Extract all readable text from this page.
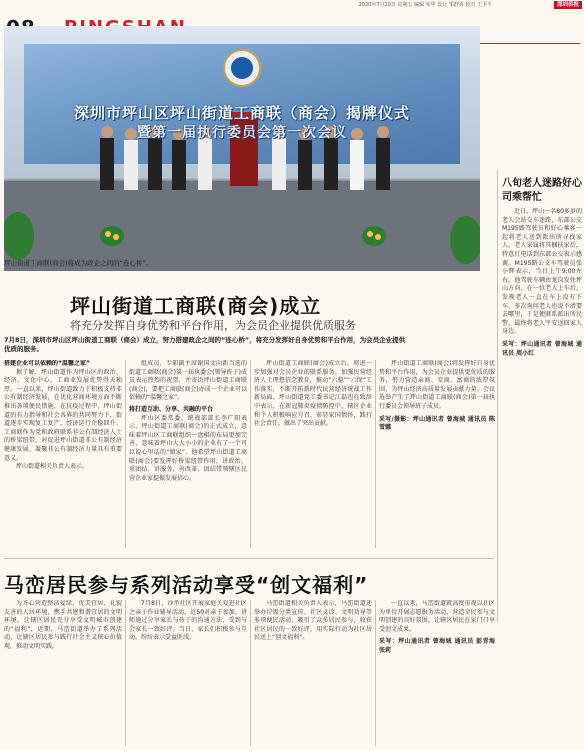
2020年7月10日 星期五 编辑 朱华 设计 邹舒香 校对 王卫平	深圳侨报
深圳市坪山区坪山街道工商联（商会）揭牌仪式
暨第一届执行委员会第一次会议
坪山街道工商联(商会)将成为政企之间的“连心桥”。
坪山街道工商联(商会)成立
将充分发挥自身优势和平台作用，为会员企业提供优质服务
7月8日，深圳市坪山区坪山街道工商联（商会）成立，努力搭建政企之间的“连心桥”，将充分发挥好自身优势和平台作用，为会员企业提供优质的服务。
搭建企业可以依赖的“温馨之家”

据了解，坪山街道作为坪山区的政治、经济、文化中心，工商业发展优势得天独厚。一直以来，坪山街道致力于积极支持非公有制经济发展，在优化营商环境方面不断推出各项便民措施，在抗疫过程中，坪山街道的有力指导和社会各界的共同努力下，街道逐步实现复工复产，经济运行企稳回升。工商联作为党和政府联系非公有制经济人士的桥梁纽带，对促进坪山街道非公有制经济健康发展、凝聚非公有制经济力量具有重要意义。

坪山街道相关负责人表示，

组成员、专职副主席谢国文向新当选的街道工商联(商会)第一届执委会(领导班子)成员表示热烈的祝贺，并寄语坪山街道工商联(商会)，要把工商联(商会)办成一个企业可以依赖的“温馨之家”。

将打造互助、分享、共融的平台

坪山区委常委、统战部部长李广阳表示，坪山街道工商联(商会)的正式成立，意味着坪山区工商联组织一盘棋的布局更加完善，意味着坪山大大小小的企业有了一个可以说心里话的“娘家”。他希望坪山街道工商联(商会)要发挥好桥梁纽带作用，讲政治、重团结、讲服务、善改革，团结带领辖区民营企业家提振发展信心。

坪山街道工商联(商会)成立后，将进一步加强对会员企业的联系服务，加强民营经济人士理想信念教育，推动“六稳”“六保”工作落实，不断开拓新时代民营经济统战工作新局面。坪山街道党工委书记江磊也在致辞中表示，在新冠肺炎疫情防控中，辖区企业和个人积极响应号召，彰显家国情怀，践行社会责任，做出了突出贡献。

坪山街道工商联(商会)将发挥好自身优势和平台作用，为会员企业提供更优质的服务，努力营造亲商、安商、富商的浓厚氛围，为坪山经济高质量发展贡献力量。会议选举产生了坪山街道工商联(商会)第一届执行委员会领导班子成员。

采写/摄影：坪山通讯者 曾海城 通讯员 陈雪娜

八旬老人迷路好心司乘帮忙

近日，坪山一名80多岁的老人会站交车迷路，东部公交M195路驾驶员和好心乘客一起将老人送到派出所寻找家人。老人家属将其捆扶家后，特意打电话到东部公交表示感谢。M195路公交车驾驶员张小辉表示，当日上午9:00左右，他驾驶车辆由龙岗发往坪山方向，在一位老人上车后，发现老人一直在车上没有下车，多次询问老人也说不清要去哪里，于是便联系派出所民警，最终将老人平安送回家人身边。

采写：坪山通讯者 曾海城 通讯员 周小红

马峦居民参与系列活动享受“创文福利”

为齐心营造整洁爱绿、优美宜居、礼貌友善的人居环境，携手共建和谐宜居的文明环境，让辖区居民充分享受文明城市创建的“福利”，近期，马峦街道举办了系列活动，让辖区居民参与践行社会主义核心价值观，推动文明实践。

7月8日，沙坐社区开展家庭关爱进社区之亲子作业辅导活动，近50对亲子参加，讲师通过分享家长与孩子的沟通方法，受到与会家长一致好评。当日，家长们积极参与互动，纷纷表示受益匪浅。

马峦街道相关负责人表示，马峦街道还举办垃圾分类宣传、社区义诊、文明劝导等多项便民活动，吸引了众多居民参与，收获社区居民的一致好评，用实际行动为社区居民送上“创文福利”。

一直以来，马峦街道就高度重视以社区为单位开展志愿服务活动，营造全民参与文明创建的良好氛围，让辖区居民在家门口享受创文成果。

采写：坪山通讯者 曾海城 通讯员 彭青海 张莉
